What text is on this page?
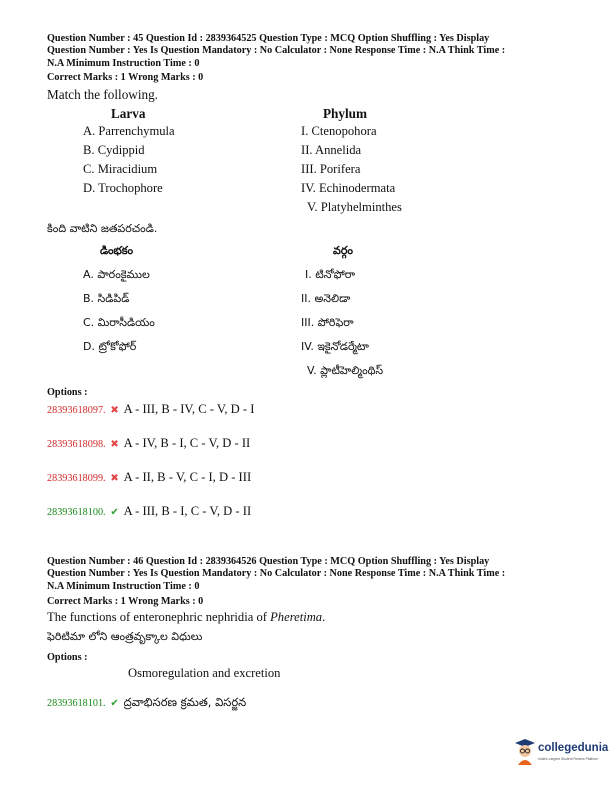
Question Number : 45 Question Id : 2839364525 Question Type : MCQ Option Shuffling : Yes Display
Question Number : Yes Is Question Mandatory : No Calculator : None Response Time : N.A Think Time :
N.A Minimum Instruction Time : 0
Correct Marks : 1 Wrong Marks : 0
Match the following.
Larva	Phylum
A. Parrenchymula
B. Cydippid
C. Miracidium
D. Trochophore
I. Ctenopohora
II. Annelida
III. Porifera
IV. Echinodermata
V. Platyhelminthes
కింది వాటిని జతపరచండి.
డింభకం	వర్గం
A. పారంకైముల
B. సిడిపిడ్
C. మిరాసీడియం
D. ట్రోకోఫోర్
I. టినోఫోరా
II. అనెలిడా
III. పోరిఫెరా
IV. ఇకైనోడర్మేటా
V. ప్లాటీహెల్మింథిస్
Options :
28393618097. ✖ A - III, B - IV, C - V, D - I
28393618098. ✖ A - IV, B - I, C - V, D - II
28393618099. ✖ A - II, B - V, C - I, D - III
28393618100. ✔ A - III, B - I, C - V, D - II
Question Number : 46 Question Id : 2839364526 Question Type : MCQ Option Shuffling : Yes Display
Question Number : Yes Is Question Mandatory : No Calculator : None Response Time : N.A Think Time :
N.A Minimum Instruction Time : 0
Correct Marks : 1 Wrong Marks : 0
The functions of enteronephric nephridia of Pheretima.
ఫెరిటిమా లోని ఆంత్రవృక్కాల విధులు
Options :
Osmoregulation and excretion
28393618101. ✔ ద్రవాభిసరణ క్రమత, విసర్జన
collegedunia
India's Largest Student Review Platform
